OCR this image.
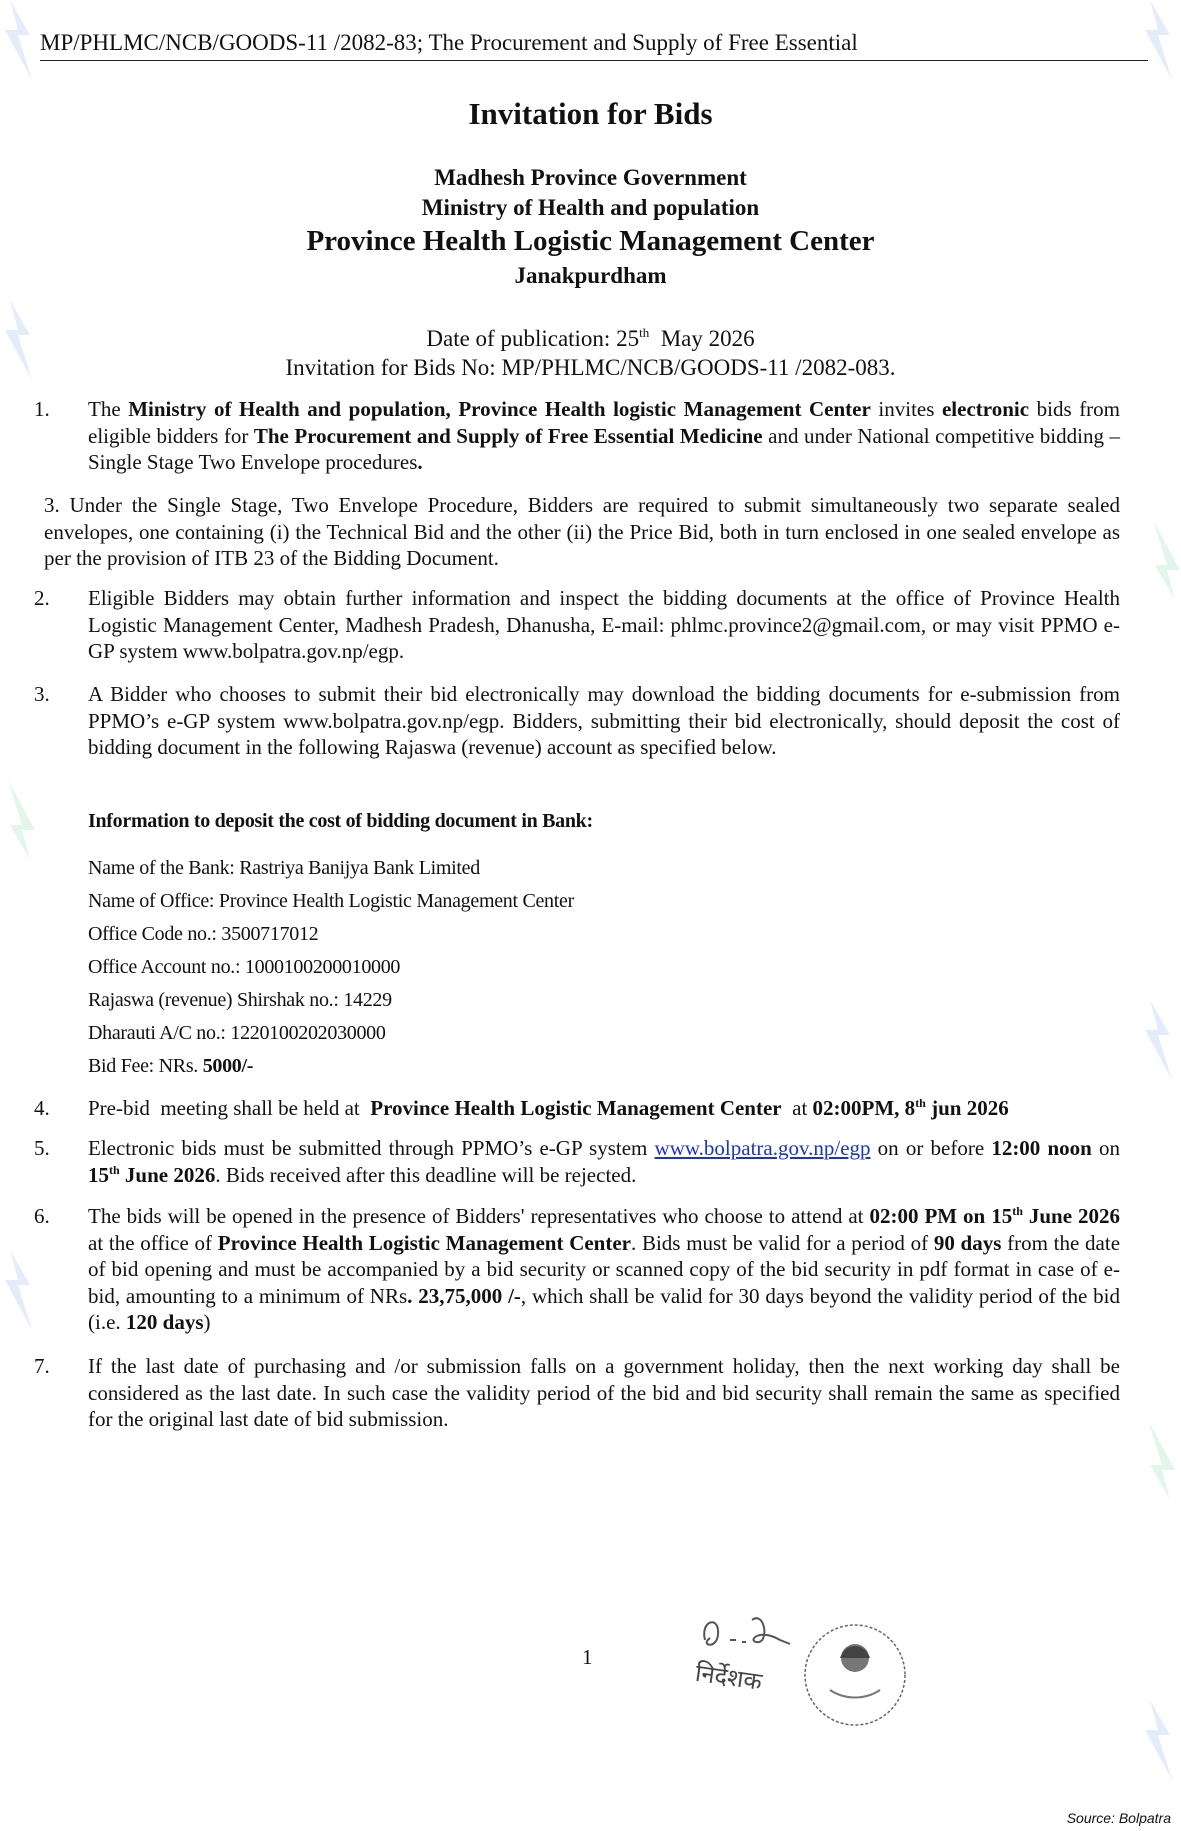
MP/PHLMC/NCB/GOODS-11 /2082-83; The Procurement and Supply of Free Essential
Invitation for Bids
Madhesh Province Government
Ministry of Health and population
Province Health Logistic Management Center
Janakpurdham
Date of publication: 25th  May 2026
Invitation for Bids No: MP/PHLMC/NCB/GOODS-11 /2082-083.
1. The Ministry of Health and population, Province Health logistic Management Center invites electronic bids from eligible bidders for The Procurement and Supply of Free Essential Medicine and under National competitive bidding – Single Stage Two Envelope procedures.
3. Under the Single Stage, Two Envelope Procedure, Bidders are required to submit simultaneously two separate sealed envelopes, one containing (i) the Technical Bid and the other (ii) the Price Bid, both in turn enclosed in one sealed envelope as per the provision of ITB 23 of the Bidding Document.
2. Eligible Bidders may obtain further information and inspect the bidding documents at the office of Province Health Logistic Management Center, Madhesh Pradesh, Dhanusha, E-mail: phlmc.province2@gmail.com, or may visit PPMO e-GP system www.bolpatra.gov.np/egp.
3. A Bidder who chooses to submit their bid electronically may download the bidding documents for e-submission from PPMO’s e-GP system www.bolpatra.gov.np/egp. Bidders, submitting their bid electronically, should deposit the cost of bidding document in the following Rajaswa (revenue) account as specified below.
Information to deposit the cost of bidding document in Bank:
Name of the Bank: Rastriya Banijya Bank Limited
Name of Office: Province Health Logistic Management Center
Office Code no.: 3500717012
Office Account no.: 1000100200010000
Rajaswa (revenue) Shirshak no.: 14229
Dharauti A/C no.: 1220100202030000
Bid Fee: NRs. 5000/-
4. Pre-bid  meeting shall be held at  Province Health Logistic Management Center  at 02:00PM, 8th jun 2026
5. Electronic bids must be submitted through PPMO’s e-GP system www.bolpatra.gov.np/egp on or before 12:00 noon on 15th June 2026. Bids received after this deadline will be rejected.
6. The bids will be opened in the presence of Bidders' representatives who choose to attend at 02:00 PM on 15th June 2026 at the office of Province Health Logistic Management Center. Bids must be valid for a period of 90 days from the date of bid opening and must be accompanied by a bid security or scanned copy of the bid security in pdf format in case of e-bid, amounting to a minimum of NRs. 23,75,000 /-, which shall be valid for 30 days beyond the validity period of the bid (i.e. 120 days)
7. If the last date of purchasing and /or submission falls on a government holiday, then the next working day shall be considered as the last date. In such case the validity period of the bid and bid security shall remain the same as specified for the original last date of bid submission.
1
निर्देशक
Source: Bolpatra
